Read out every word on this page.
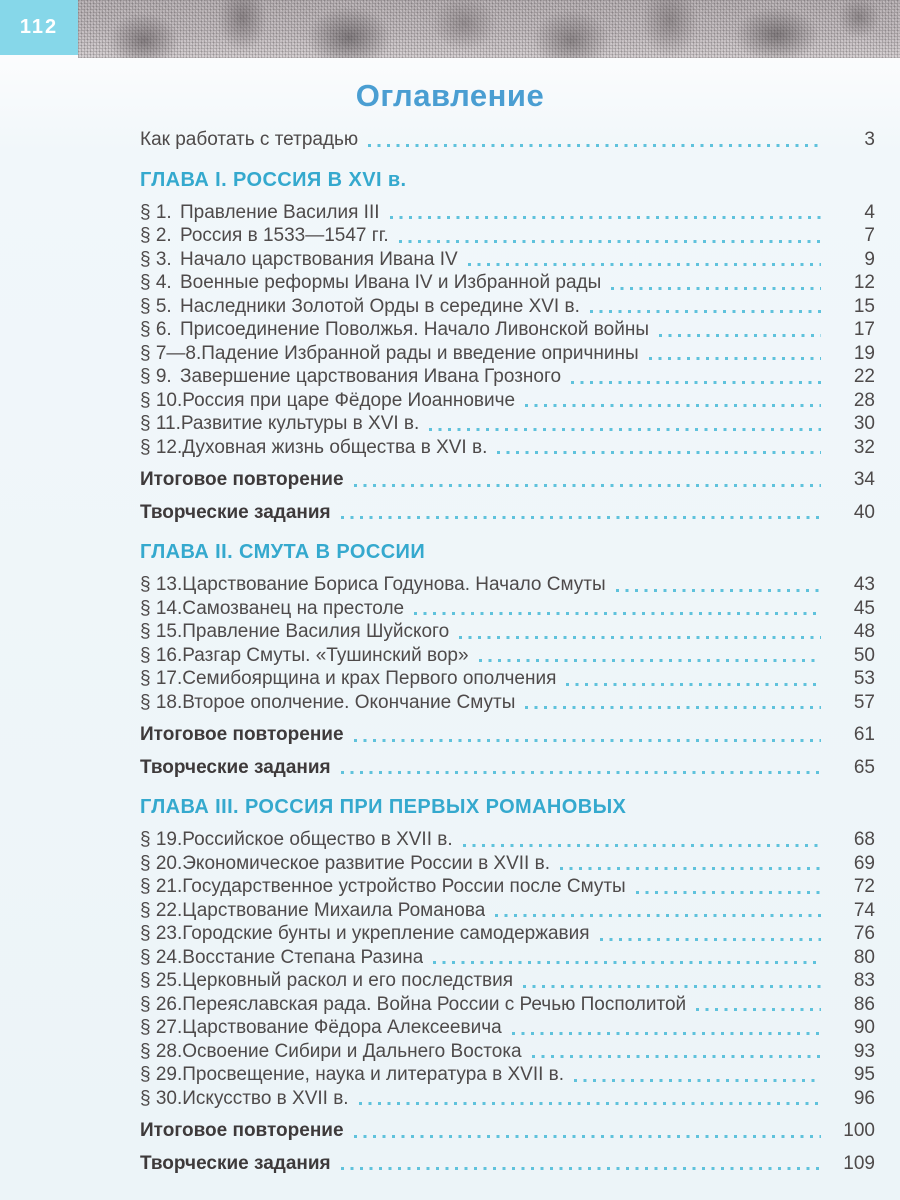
112
Оглавление
Как работать с тетрадью	3
ГЛАВА I. РОССИЯ В XVI в.
§ 1. Правление Василия III	4
§ 2. Россия в 1533—1547 гг.	7
§ 3. Начало царствования Ивана IV	9
§ 4. Военные реформы Ивана IV и Избранной рады	12
§ 5. Наследники Золотой Орды в середине XVI в.	15
§ 6. Присоединение Поволжья. Начало Ливонской войны	17
§ 7—8. Падение Избранной рады и введение опричнины	19
§ 9. Завершение царствования Ивана Грозного	22
§ 10. Россия при царе Фёдоре Иоанновиче	28
§ 11. Развитие культуры в XVI в.	30
§ 12. Духовная жизнь общества в XVI в.	32
Итоговое повторение	34
Творческие задания	40
ГЛАВА II. СМУТА В РОССИИ
§ 13. Царствование Бориса Годунова. Начало Смуты	43
§ 14. Самозванец на престоле	45
§ 15. Правление Василия Шуйского	48
§ 16. Разгар Смуты. «Тушинский вор»	50
§ 17. Семибоярщина и крах Первого ополчения	53
§ 18. Второе ополчение. Окончание Смуты	57
Итоговое повторение	61
Творческие задания	65
ГЛАВА III. РОССИЯ ПРИ ПЕРВЫХ РОМАНОВЫХ
§ 19. Российское общество в XVII в.	68
§ 20. Экономическое развитие России в XVII в.	69
§ 21. Государственное устройство России после Смуты	72
§ 22. Царствование Михаила Романова	74
§ 23. Городские бунты и укрепление самодержавия	76
§ 24. Восстание Степана Разина	80
§ 25. Церковный раскол и его последствия	83
§ 26. Переяславская рада. Война России с Речью Посполитой	86
§ 27. Царствование Фёдора Алексеевича	90
§ 28. Освоение Сибири и Дальнего Востока	93
§ 29. Просвещение, наука и литература в XVII в.	95
§ 30. Искусство в XVII в.	96
Итоговое повторение	100
Творческие задания	109
